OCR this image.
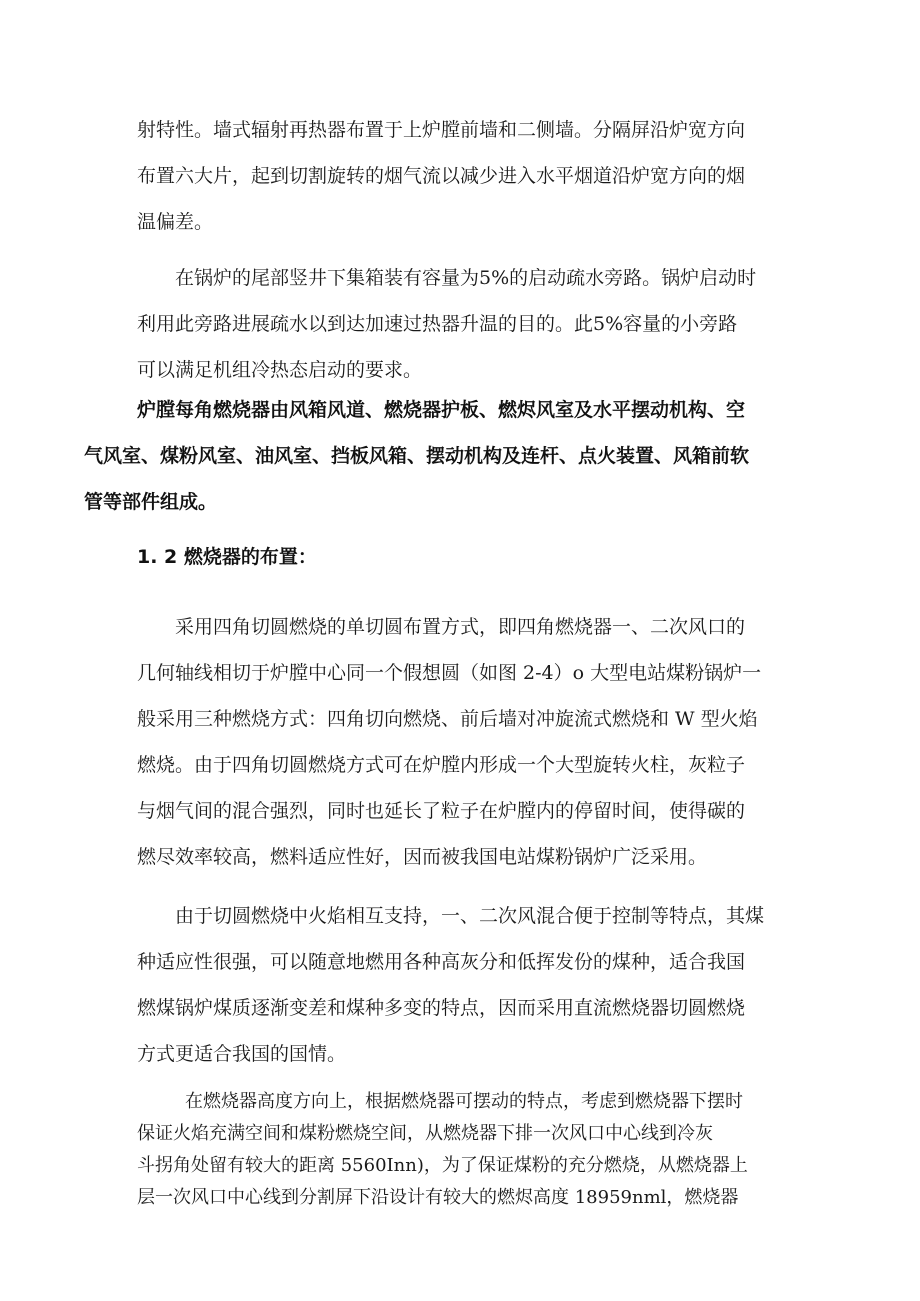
射特性。墙式辐射再热器布置于上炉膛前墙和二侧墙。分隔屏沿炉宽方向
布置六大片，起到切割旋转的烟气流以减少进入水平烟道沿炉宽方向的烟
温偏差。
在锅炉的尾部竖井下集箱装有容量为5%的启动疏水旁路。锅炉启动时
利用此旁路进展疏水以到达加速过热器升温的目的。此5%容量的小旁路
可以满足机组冷热态启动的要求。
炉膛每角燃烧器由风箱风道、燃烧器护板、燃烬风室及水平摆动机构、空
气风室、煤粉风室、油风室、挡板风箱、摆动机构及连杆、点火装置、风箱前软
管等部件组成。
1. 2 燃烧器的布置：
采用四角切圆燃烧的单切圆布置方式，即四角燃烧器一、二次风口的
几何轴线相切于炉膛中心同一个假想圆（如图 2-4）o 大型电站煤粉锅炉一
般采用三种燃烧方式：四角切向燃烧、前后墙对冲旋流式燃烧和 W 型火焰
燃烧。由于四角切圆燃烧方式可在炉膛内形成一个大型旋转火柱，灰粒子
与烟气间的混合强烈，同时也延长了粒子在炉膛内的停留时间，使得碳的
燃尽效率较高，燃料适应性好，因而被我国电站煤粉锅炉广泛采用。
由于切圆燃烧中火焰相互支持，一、二次风混合便于控制等特点，其煤
种适应性很强，可以随意地燃用各种高灰分和低挥发份的煤种，适合我国
燃煤锅炉煤质逐渐变差和煤种多变的特点，因而采用直流燃烧器切圆燃烧
方式更适合我国的国情。
在燃烧器高度方向上，根据燃烧器可摆动的特点，考虑到燃烧器下摆时
保证火焰充满空间和煤粉燃烧空间，从燃烧器下排一次风口中心线到冷灰
斗拐角处留有较大的距离 5560Inn)，为了保证煤粉的充分燃烧，从燃烧器上
层一次风口中心线到分割屏下沿设计有较大的燃烬高度 18959nml，燃烧器
